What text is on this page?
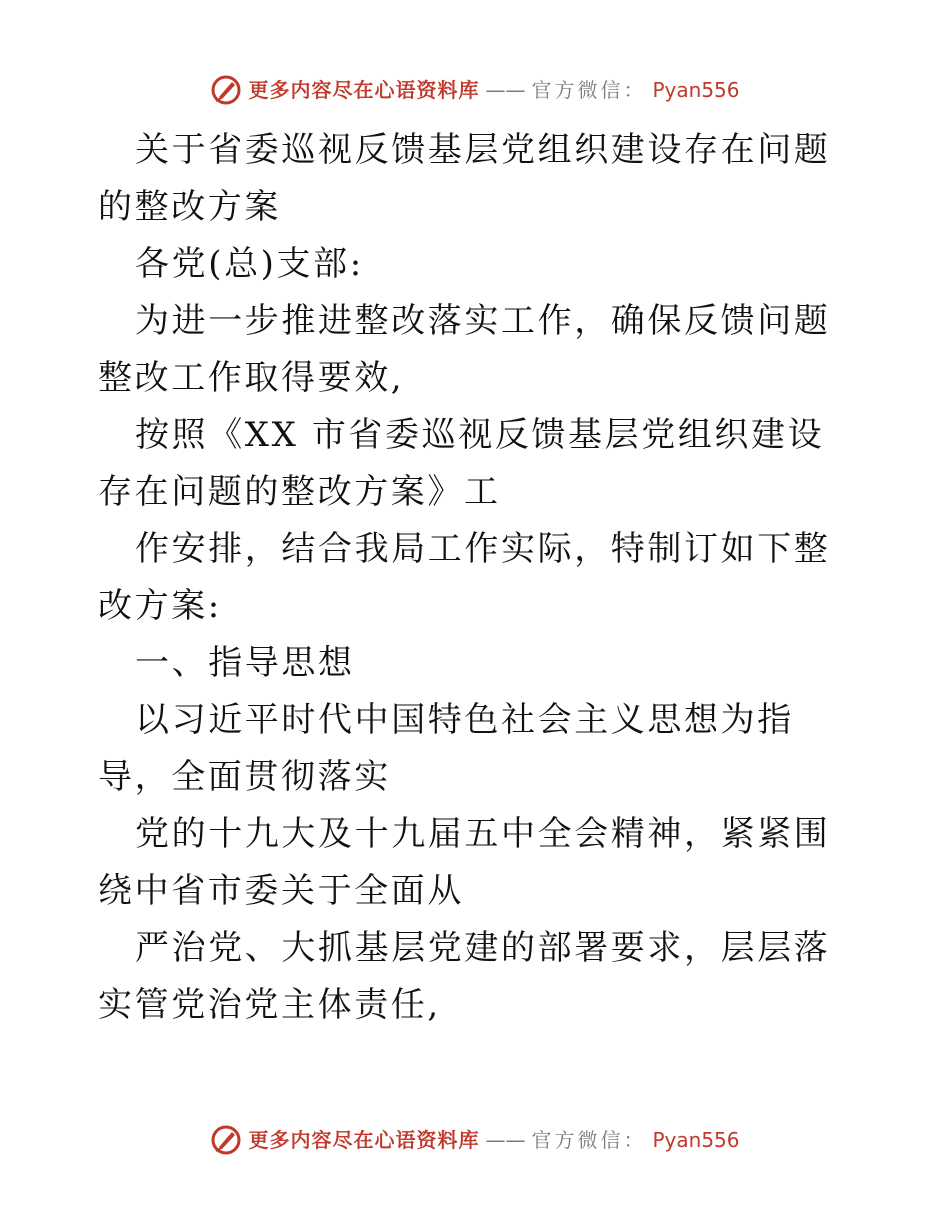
更多内容尽在心语资料库 —— 官方微信： Pyan556

关于省委巡视反馈基层党组织建设存在问题的整改方案

各党(总)支部:

为进一步推进整改落实工作，确保反馈问题整改工作取得要效,

按照《XX 市省委巡视反馈基层党组织建设存在问题的整改方案》工

作安排，结合我局工作实际，特制订如下整改方案:

一、指导思想

以习近平时代中国特色社会主义思想为指导，全面贯彻落实

党的十九大及十九届五中全会精神，紧紧围绕中省市委关于全面从

严治党、大抓基层党建的部署要求，层层落实管党治党主体责任,

更多内容尽在心语资料库 —— 官方微信： Pyan556
